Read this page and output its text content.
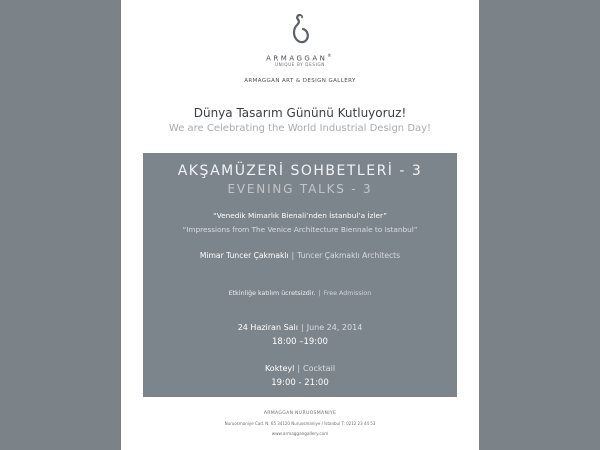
ARMAGGAN®
UNIQUE BY DESIGN
ARMAGGAN ART & DESIGN GALLERY
Dünya Tasarım Gününü Kutluyoruz!
We are Celebrating the World Industrial Design Day!
AKŞAMÜZERİ SOHBETLERİ - 3
EVENING TALKS - 3
“Venedik Mimarlık Bienali’nden İstanbul’a İzler”
“Impressions from The Venice Architecture Biennale to Istanbul”
Mimar Tuncer Çakmaklı | Tuncer Çakmaklı Architects
Etkinliğe katılım ücretsizdir. | Free Admission
24 Haziran Salı | June 24, 2014
18:00 –19:00
Kokteyl | Cocktail
19:00 - 21:00
ARMAGGAN NURUOSMANIYE
Nuruosmaniye Cad. N: 65 34120 Nuruosmaniye / İstanbul T: 0212 23 44 53
www.armaggangallery.com
